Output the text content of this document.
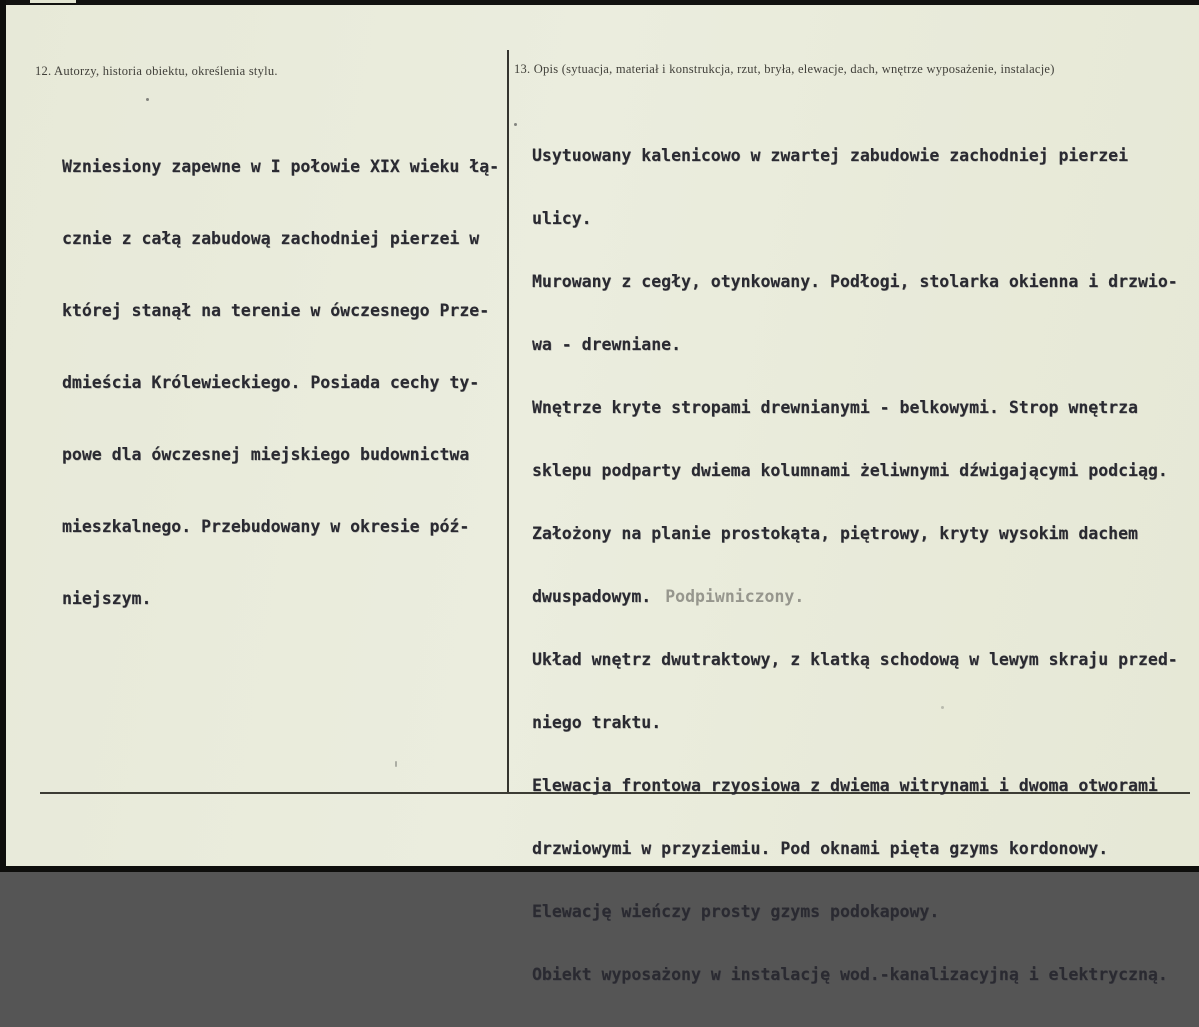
12. Autorzy, historia obiektu, określenia stylu.	13. Opis (sytuacja, materiał i konstrukcja, rzut, bryła, elewacje, dach, wnętrze wyposażenie, instalacje)

Wzniesiony zapewne w I połowie XIX wieku łą-

cznie z całą zabudową zachodniej pierzei w

której stanął na terenie w ówczesnego Prze-

dmieścia Królewieckiego. Posiada cechy ty-

powe dla ówczesnej miejskiego budownictwa

mieszkalnego. Przebudowany w okresie póź-

niejszym.

Usytuowany kalenicowo w zwartej zabudowie zachodniej pierzei

ulicy.

Murowany z cegły, otynkowany. Podłogi, stolarka okienna i drzwio-

wa - drewniane.

Wnętrze kryte stropami drewnianymi - belkowymi. Strop wnętrza

sklepu podparty dwiema kolumnami żeliwnymi dźwigającymi podciąg.

Założony na planie prostokąta, piętrowy, kryty wysokim dachem

dwuspadowym. Podpiwniczony.

Układ wnętrz dwutraktowy, z klatką schodową w lewym skraju przed-

niego traktu.

Elewacja frontowa rzyosiowa z dwiema witrynami i dwoma otworami

drzwiowymi w przyziemiu. Pod oknami pięta gzyms kordonowy.

Elewację wieńczy prosty gzyms podokapowy.

Obiekt wyposażony w instalację wod.-kanalizacyjną i elektryczną.
